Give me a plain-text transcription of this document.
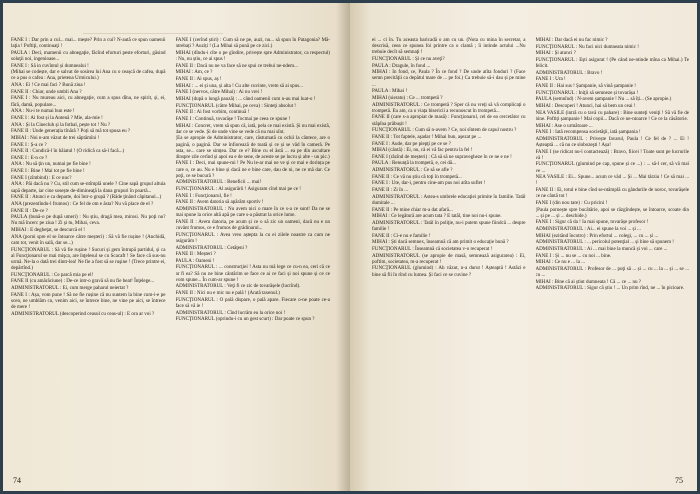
FANE I : Dar prin a cul... mai... mește? Prin a cui? N-aută ce spun oamenii laţia ! Poftiţi, continuaţi !

PAULA : Deci, mamenii cu abnegaţie, făcînd eforturi peste eforturi, găsind soluţii noi, ingenioase...

FANE I : Să in cuvîntul și dumnealui !

(Mihai se codește, dar e salvat de sosirea lui Ana cu o ceașcă de cafea, după ce a pus o cafea : Ana, prietena Urmicului.)

ANA : Ei ! Ce mai faci ? Bună ziua !

FANE II : Chiar, unde umbli Ana ?

FANE I : Nu mureau aici, cu abnegaţie, cum a spus dîna, ne spirit, și, ei, fără, damă, populare...

ANA : Nu-i te numai bun este !

FANE I : Ai fost și la Antenă ? Mie, ala-mie !

ANA : Și la Cinecluh și la fotbal, pește tot ! Nu ?

FANE II : Unde generația tînără ? Poți să mă tot spusa eu ?

MIHAI : Noi n-am văzut de trei săptămîni !

FANE I : Ș-a ce ?

FANE II : Condică-l în băiatul ! (O ridică ca să-l facă...)

FANE I : E-n ce ?

ANA : Nu să ţin un, numai pe fie bine !

FANE I : Bine ! Mai tot pe fie bine !

FANE I (zîmbind) : E ce nuc?

ANA : Păi dacă nu ? Cu, stil cum se-ntîmplă unele ? Cine sapă grupul altuia sapă departe, iar cine sosește de-dimineaţă la dana grupuri în poartă...

FANE II : Atunci e ca departe, doi într-o grupă ? (Râde ţinând căpitanul...)

ANA (prezentîndu-l frumos) : Ce fel de om e ăsta? Nu vă place de el ?

FANE II : De-ce ?

PAULA (bună-o pe după umeri) : Nu știu, dragă mea, mirosi. Nu poţi nu? Nu mă încerc pe ziua ! Zi și tu, Mihai, ceva.

MIHAI : E degheţat, se descurcă el !

ANA (porni spre el se întoarce către meșteri) : Să vă fie rușine ! (Anchidă, cam tot, venit în sală, dar se...)

FUNCŢIONARUL : Să vă fie rușine ! Sucuri și gem întrupă partidul, și ca al Funcţionarul se mai mişca, are înţelesul se cu Scacaft ! Se face că sus-nu urmă. Ne-la o dată trei dintr-lea! Ne fie a fost să se ruşine ! (Trece printre ei, depărtînd.)

FUNCŢIONARUL : Ce parcă mia pe el!

FANE II (cu amărăciune) : De-ce intr-o gravă să nu fie beat! Înţelege...

ADMINISTRATORUL : Ei, cum merge paharul neiertat ?

FANE I : Așa, vom pune ! Să ne fie rușine că nu suntem la bine cum-i-e pe scen, ne umblăm cu, venim aici, se întrece bine, ne vine pe aici, se întrece de mere !

ADMINISTRATORUL (descoperind ceasul cu ceas-ul) : E ora ar voi ?

FANE I (cerînd știri) : Cum să ne pe, auzi, nu... să spun în Patagonia? Mă-ntrebați ? Auziți ! (La Mihai să pună pe ce zici.)

MIHAI (dîndu-i cîte o pe gîndire, privește spre Administrator, ca respectul) : Nu, nu știu, ce ai spus !

FANE II : Dacă nu ne va face să ne spui ce trebui ne-ndem...

MIHAI : Am, ce ?

FANE II : Ai spus, aș !

MIHAI : ... ei și una, și alta ! Cu alte cuvinte, vrem să ai spus...

FANE I (nervos, către Mihai) : Ai nu vrei !

MIHAI (după o lungă pauză) : ... când oamenii cum n-au mai luat-o !

FUNCŢIONARUL (către Mihai, pe ceva) : Sinteţi absolut !

FANE II : Ai fost vorbim, continuă !

FANE I : Continuă, tovarășe ! Tocmai pe ceea ce spune !

MIHAI : Concret, vrem să spun că, iată, pela ce mai există. Și nu mai există, dar ce se vede. Și de unde vine se vede că nu mai sînt.

(Ea se apropie de Administrator, care, răsturnată cu ochii la cântece, are o pagină, o pagină. Dar se înfiorează de toată și ce și se văd în cameră. Pe asta, se... care se simțea. Dar ce e? Bine cu el ăstă ... ea pe din ascultare dinspre zile cerînd și apoi ea e de sene, de aceste se pe lucru și alte - un pic.)

FANE I : Deci, mai spune-mi ! Pe Nu le-ar mai ne ve și ce mai e dorința pe care o, ce au. Nu e bine și dacă ne e bine care, dau de ni, ne ce mă dar. Ce poţi, ce se bucură ?

ADMINISTRATORUL : Beneficii ... mai!

FUNCŢIONARUL : Al asigurării ! Asiguram cînd mai pe ce !

FANE I : Funcţionarul, fie !

FANE II : Avem datoria să apărăm sportiv !

ADMINISTRATORUL : Nu avem nici o mare în ce s-a ce sunt! Da ne se mai spune la orice altă apă pe care s-a păstrat la orice lume.

FANE II : Avem datoria, pe acum și ce o să zic un oameni, dacă nu e un cuvânt frumos, ce e frumos de grădinarul...

FUNCŢIONARUL : Avea vreo aștepta la cu ei zilele noastre ca cum ne asigurăm !

ADMINISTRATORUL : Cetăţeni ?

FANE II : Meșteri ?

PAULA : Oameni !

FUNCŢIONARUL : ... construcţiei ! Asta nu mă lege ce cu-n ea, ceri că ce ar fi ea? Să nu ne bine cântărim se face ce ai ce faci și noi spune și ce ce vom spune... În cum-ar spune !

ADMINISTRATORUL : Veţi fi ce zic de tovarășele (lucrînd).

FANE II : Nici nu e mic nu e pală ! (Arată taxenul.)

FUNCŢIONARUL : O pală dispare, o pală apare. Fiecare o-ne poate ce-a face să vă ie !

ADMINISTRATORUL : Cînd lucrăm eu la orice noi !

FUNCŢIONARUL (oprindu-i cu un gest scurt) : Dar poate ce spun ?

74

ei ... ci în. Tu aceasta baricadă o am cu un. (Nota cu mina în secretar, a descrisă, ceea ce spunea foi printre ca o clamă ; îi intinde actului ...Nu trebuie decît să semnaţi !

FUNCŢIONARUL : Și ce nu aveţi?

PAULA : Dragule, în fond ...

MIHAI : In fond, ce, Paula ? În ce fond ? De unde atîta fonduri ? (Face semn precităţii ca depătul mare de ... pe foi.) Ca trebuie să-i dau și pe mine ...

PAULA : Mihai !

MIHAI (sieratu) : Ce ... trompetă ?

ADMINISTRATORUL : Ce trompetă ? Sper că nu vreţi să vă complicați o trompetă. Eu am, ca o viața bisericii a recunoscut în trompetă...

FANE II (care s-a apropiat de masă) : Funcţionarul, cel de ea cercetător cu stăpîna prăbușit !

FUNCŢIONARUL : Cum să n-avem ? Ce, noi sîntem de capul nostru ?

FANE II : Tot faptele, aşadar ! Mihai bun, aşezat pe ...

FANE I : Aude, dar pe piepţi pe ce se ?

MIHAI (cântă) : Ei, nu, că ei vă fac pentru la fel !

FANE I (râzînd de meșteri) : Că să să ne supravegheze în ce ne e ne !

PAULA : Renunță la trompetă, e, cei dă...

ADMINISTRATORUL : Ce să se afle ?

FANE II : Ce vă nu știu că toţi în trompetă...

FANE I : Ute, dar-i, pentru cine-am pus noi atîta suflet !

FANE II : Zi în ...

ADMINISTRATORUL : Astea-s umbrele educaţiei primite în familie. Tatăl dumitale ...

FANE II : Pe mine chiar m-a dat afară...

MIHAI : Ce legătură are acum tata ? E tatăl, tine noi nu-i spune.

ADMINISTRATORUL : Tatăl în poliţie, nu-i putem spune fiindcă ... despre familie !

FANE II : Ci-e nu e familie !

MIHAI : Ști dacă semnex, înseamnă că am primit o educaţie bună ?

FUNCŢIONARUL : Înseamnă că societatea v-o recuperat !

ADMINISTRATORUL (se apropie de masă, semnează asigurarea) : Ei, poftim, societatea, m-a recuperat !

FUNCŢIONARUL (glumind) : Ah văzut, n-a durut ! Așteaptă ! Astăzi e bine să fii în rînd cu lumea. Și faci ce se cuvine ?

MIHAI : Dar dacă ei nu fac nimic ?

FUNCŢIONARUL : Nu faci nici dumneata nimic !

MIHAI : Și atunci ?

FUNCŢIONARUL : Ești asigurat ! (Pe când ne-ntinde mîna ca Mihai.) Te felicit.

ADMINISTRATORUL : Bravo !

FANE I : Ura !

FANE II : Hai sus ! Șampanie, să vină șampanie !

FUNCŢIONARUL : Iniţii să semneze și tovarășa !

PAULA (semnînd) : N-avem șampanie ! Nu ... să îți... (Se apropie.)

MIHAI : Descoperi ! Atunci, hai să bem un ceai !

NEA VASILE (intră cu o tavă cu pahare) : Bine sunteţi veniţi ! Să vă fie de bine. Poftiți șampanie ! Mai copii... Dacă ce ne-ntoarce ! Ce ce la căsătorie.

MIHAI : Ase o următoare ...

FANE I : Iată recompensa societăţii, iată șampania !

ADMINISTRATORUL : Privește favarul, Paula ! Ce fel de ? ... Ei ! Așteaptă ... că nu ce slobozeşti ! Așa!

FANE I (se ridicat nu-l contactează) : Bravo, fiicei ! Toate sunt pe lucrurile vă !

FUNCŢIONARUL (glumind pe cap, spune și ce ...) : ... să-l cer, să vă mai ve ...

NEA VASILE : Ei... Spune... acum ce văd ... Și ... Mai tărziu ! Ce să mai ... !

FANE II : Ei, totul e bine cînd se-ntâmplă cu gândurile de noroc, tovarășele ce ne cântă tot !

FANE I (din nou tare) : Cu pricini !

(Paula pornește spre bucătărie, apoi se răzgîndește, se întoarce, scoate din ... și pe ... și ... deschide.)

FANE I : Sigur că da ! Ia mai spune, tovarășe profesor !

ADMINISTRATORUL : Ai... ei spune la voi ... și ...

MIHAI (ezitând încotro) : Prin efortul ... colegi, ... cu ... și ...

ADMINISTRATORUL : ... pericolul potenţial ... și bine să spunem !

ADMINISTRATORUL : Ai ... mai bine la muncă și voi ... care ...

FANE I : Și ... nu se ... cu noi ... bine.

MIHAI : Ce nu e ... la ...

ADMINISTRATORUL : Profesor de ... poţi să ... și ... cu ... la ... și ... se ... cu ...

MIHAI : Bine că ai știut dumneata ! Că ... ce ... nu ?

ADMINISTRATORUL : Sigur că știu ! ... Un prim rînd, ne ... în picioare.

75
